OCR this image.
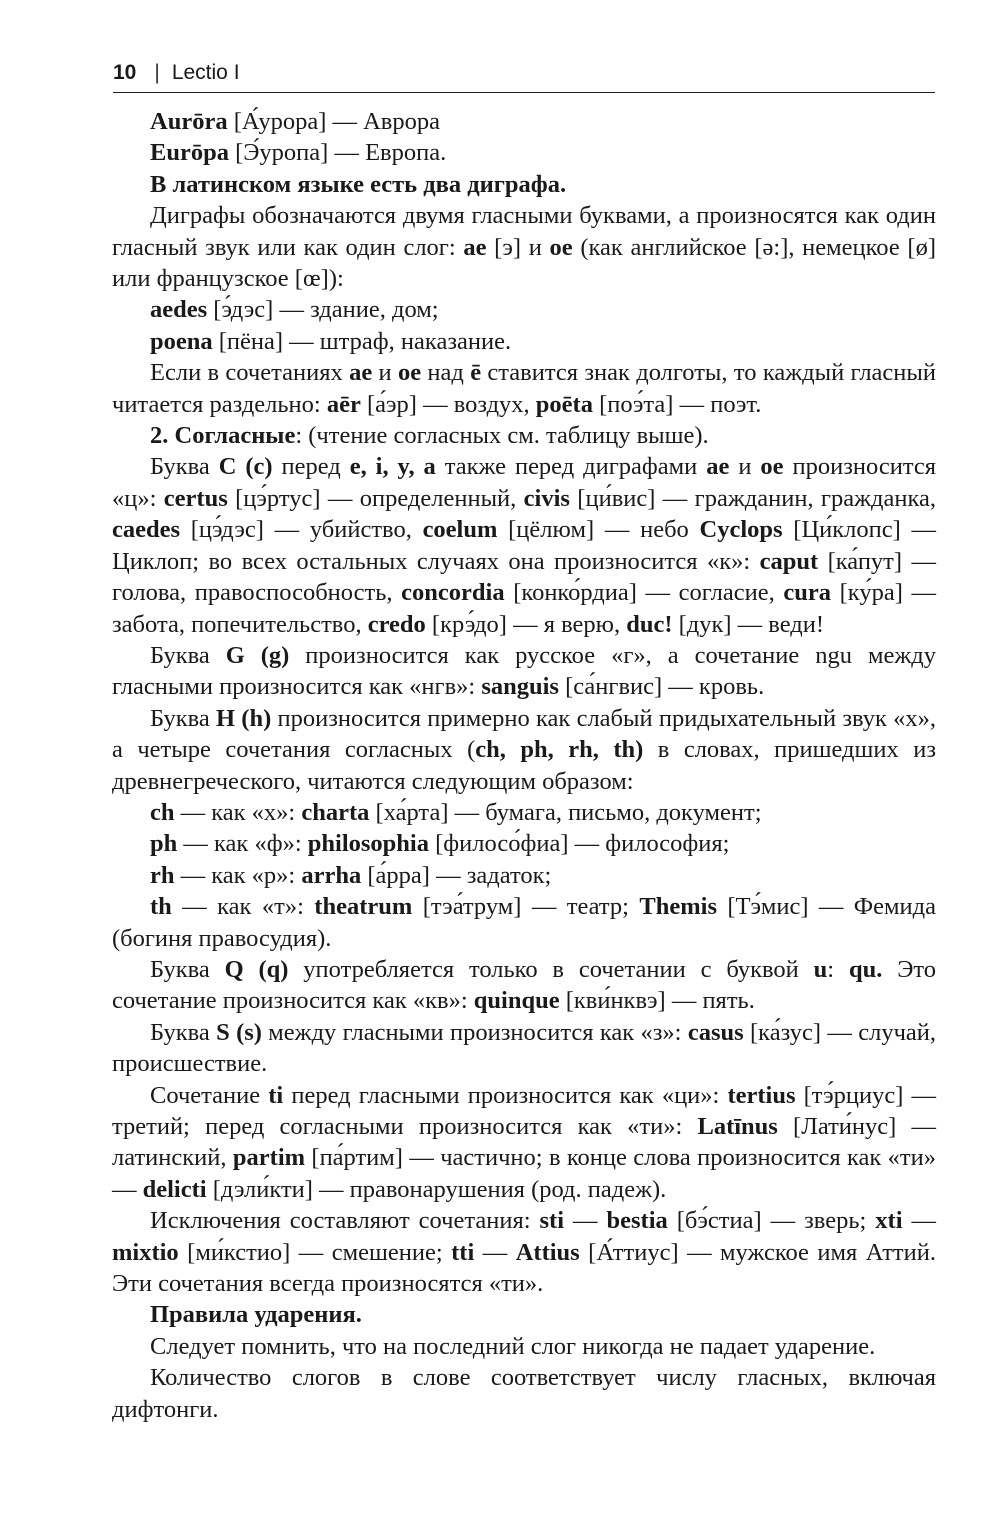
10 | Lectio I

Aurōra [А́урора] — Аврора

Eurōpa [Э́уропа] — Европа.

В латинском языке есть два диграфа.

Диграфы обозначаются двумя гласными буквами, а произносятся как один гласный звук или как один слог: ae [э] и oe (как английское [ə:], немецкое [ø] или французское [œ]):

aedes [э́дэс] — здание, дом;

poena [пёна] — штраф, наказание.

Если в сочетаниях ae и oe над ē ставится знак долготы, то каждый гласный читается раздельно: aēr [а́эр] — воздух, poēta [поэ́та] — поэт.

2. Согласные: (чтение согласных см. таблицу выше).

Буква C (c) перед e, i, y, a также перед диграфами ae и oe произносится «ц»: certus [цэ́ртус] — определенный, civis [ци́вис] — гражданин, гражданка, caedes [цэ́дэс] — убийство, coelum [цёлюм] — небо Cyclops [Ци́клопс] — Циклоп; во всех остальных случаях она произносится «к»: caput [ка́пут] — голова, правоспособность, concordia [конко́рдиа] — согласие, cura [ку́ра] — забота, попечительство, credo [крэ́до] — я верю, duc! [дук] — веди!

Буква G (g) произносится как русское «г», а сочетание ngu между гласными произносится как «нгв»: sanguis [са́нгвис] — кровь.

Буква H (h) произносится примерно как слабый придыхательный звук «х», а четыре сочетания согласных (ch, ph, rh, th) в словах, пришедших из древнегреческого, читаются следующим образом:

ch — как «х»: charta [ха́рта] — бумага, письмо, документ;

ph — как «ф»: philosophia [филосо́фиа] — философия;

rh — как «р»: arrha [а́рра] — задаток;

th — как «т»: theatrum [тэа́трум] — театр; Themis [Тэ́мис] — Фемида (богиня правосудия).

Буква Q (q) употребляется только в сочетании с буквой u: qu. Это сочетание произносится как «кв»: quinque [кви́нквэ] — пять.

Буква S (s) между гласными произносится как «з»: casus [ка́зус] — случай, происшествие.

Сочетание ti перед гласными произносится как «ци»: tertius [тэ́рциус] — третий; перед согласными произносится как «ти»: Latīnus [Лати́нус] — латинский, partim [па́ртим] — частично; в конце слова произносится как «ти» — delicti [дэли́кти] — правонарушения (род. падеж).

Исключения составляют сочетания: sti — bestia [бэ́стиа] — зверь; xti — mixtio [ми́кстио] — смешение; tti — Attius [А́ттиус] — мужское имя Аттий. Эти сочетания всегда произносятся «ти».

Правила ударения.

Следует помнить, что на последний слог никогда не падает ударение.

Количество слогов в слове соответствует числу гласных, включая дифтонги.
